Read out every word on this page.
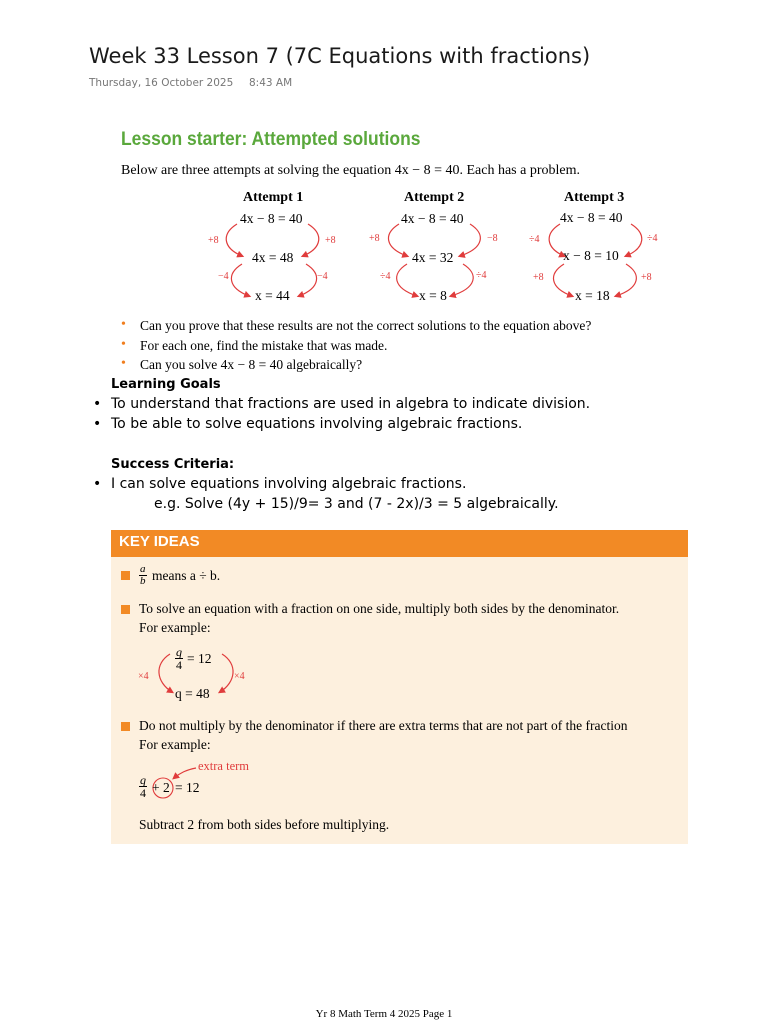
Week 33 Lesson 7 (7C Equations with fractions)
Thursday, 16 October 2025 8:43 AM
Lesson starter: Attempted solutions
Below are three attempts at solving the equation 4x − 8 = 40. Each has a problem.
Attempt 1
4x − 8 = 40
4x = 48
x = 44
+8	+8
−4	−4
Attempt 2
4x − 8 = 40
4x = 32
x = 8
+8	−8
÷4	÷4
Attempt 3
4x − 8 = 40
x − 8 = 10
x = 18
÷4	÷4
+8	+8
• Can you prove that these results are not the correct solutions to the equation above?
• For each one, find the mistake that was made.
• Can you solve 4x − 8 = 40 algebraically?
Learning Goals
• To understand that fractions are used in algebra to indicate division.
• To be able to solve equations involving algebraic fractions.
Success Criteria:
• I can solve equations involving algebraic fractions.
e.g. Solve (4y + 15)/9= 3 and (7 - 2x)/3 = 5 algebraically.
KEY IDEAS
$\frac{a}{b}$ means a ÷ b.
To solve an equation with a fraction on one side, multiply both sides by the denominator.
For example:
$\frac{q}{4} = 12$
q = 48
×4	×4
Do not multiply by the denominator if there are extra terms that are not part of the fraction
For example:
extra term
$\frac{q}{4} + 2 = 12$
Subtract 2 from both sides before multiplying.
Yr 8 Math Term 4 2025 Page 1
